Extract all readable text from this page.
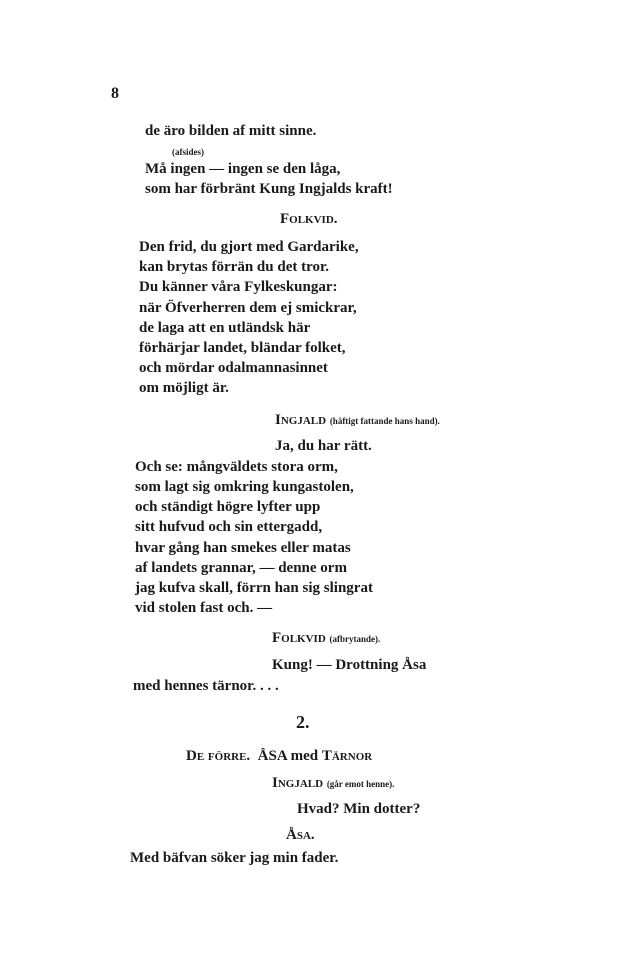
8
de äro bilden af mitt sinne.
(afsides)
Må ingen — ingen se den låga,
som har förbränt Kung Ingjalds kraft!
Folkvid.
Den frid, du gjort med Gardarike,
kan brytas förrän du det tror.
Du känner våra Fylkeskungar:
när Öfverherren dem ej smickrar,
de laga att en utländsk här
förhärjar landet, bländar folket,
och mördar odalmannasinnet
om möjligt är.
Ingjald (häftigt fattande hans hand).
Ja, du har rätt.
Och se: mångväldets stora orm,
som lagt sig omkring kungastolen,
och ständigt högre lyfter upp
sitt hufvud och sin ettergadd,
hvar gång han smekes eller matas
af landets grannar, — denne orm
jag kufva skall, förrn han sig slingrat
vid stolen fast och. —
Folkvid (afbrytande).
Kung! — Drottning Åsa
med hennes tärnor. . . .
2.
De förre. ÅSA med Tärnor
Ingjald (går emot henne).
Hvad? Min dotter?
Åsa.
Med bäfvan söker jag min fader.
